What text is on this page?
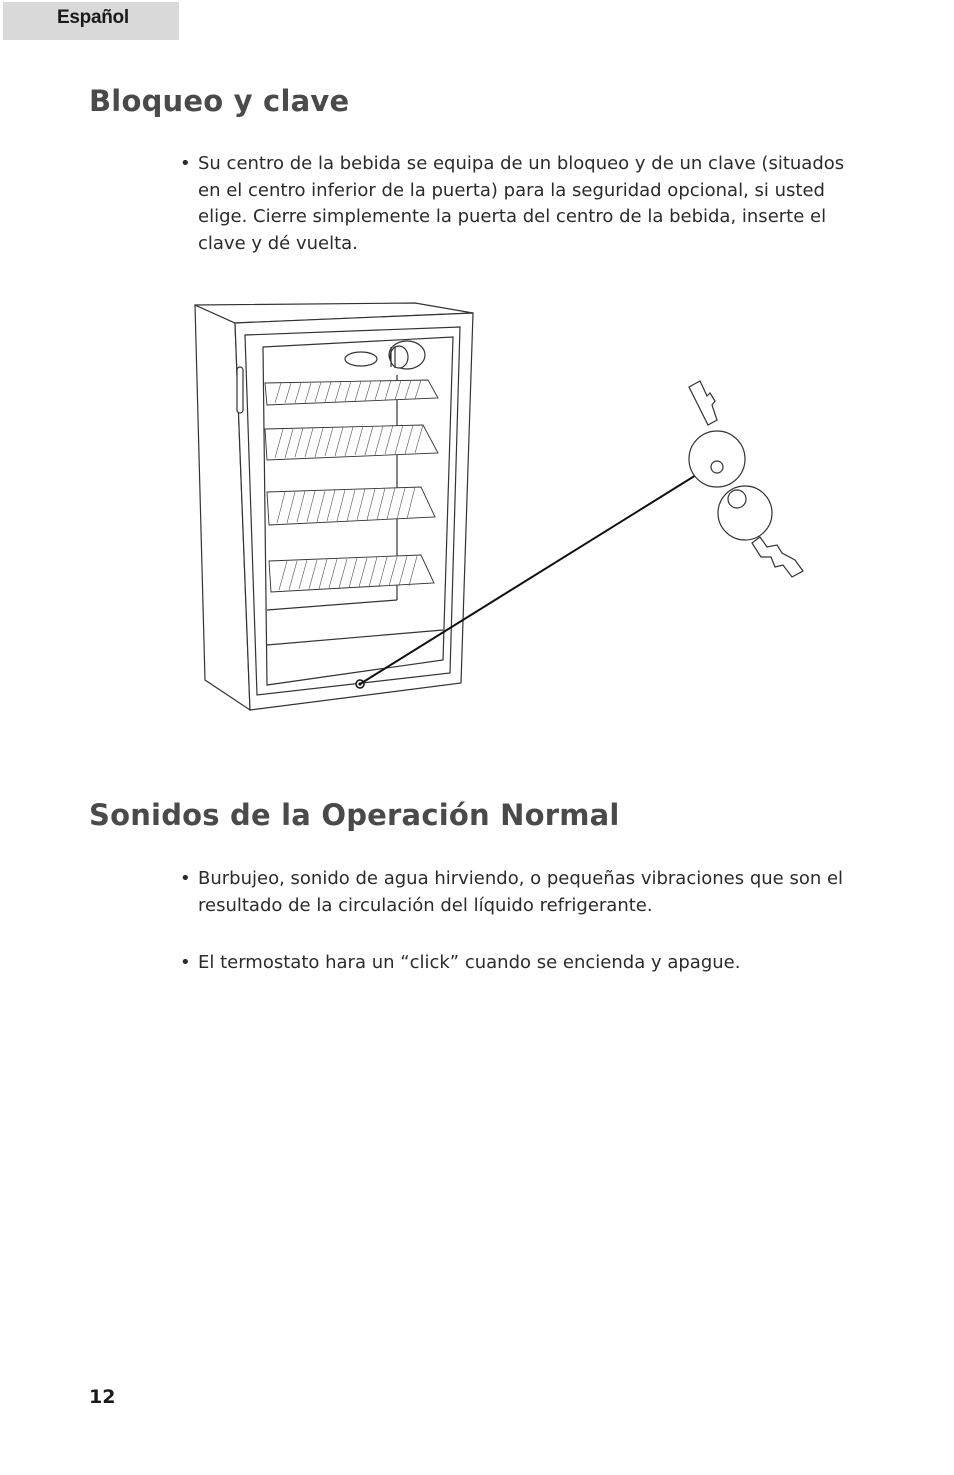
Español
Bloqueo y clave
• Su centro de la bebida se equipa de un bloqueo y de un clave (situados en el centro inferior de la puerta) para la seguridad opcional, si usted elige. Cierre simplemente la puerta del centro de la bebida, inserte el clave y dé vuelta.
Sonidos de la Operación Normal
• Burbujeo, sonido de agua hirviendo, o pequeñas vibraciones que son el resultado de la circulación del líquido refrigerante.
• El termostato hara un “click” cuando se encienda y apague.
12
